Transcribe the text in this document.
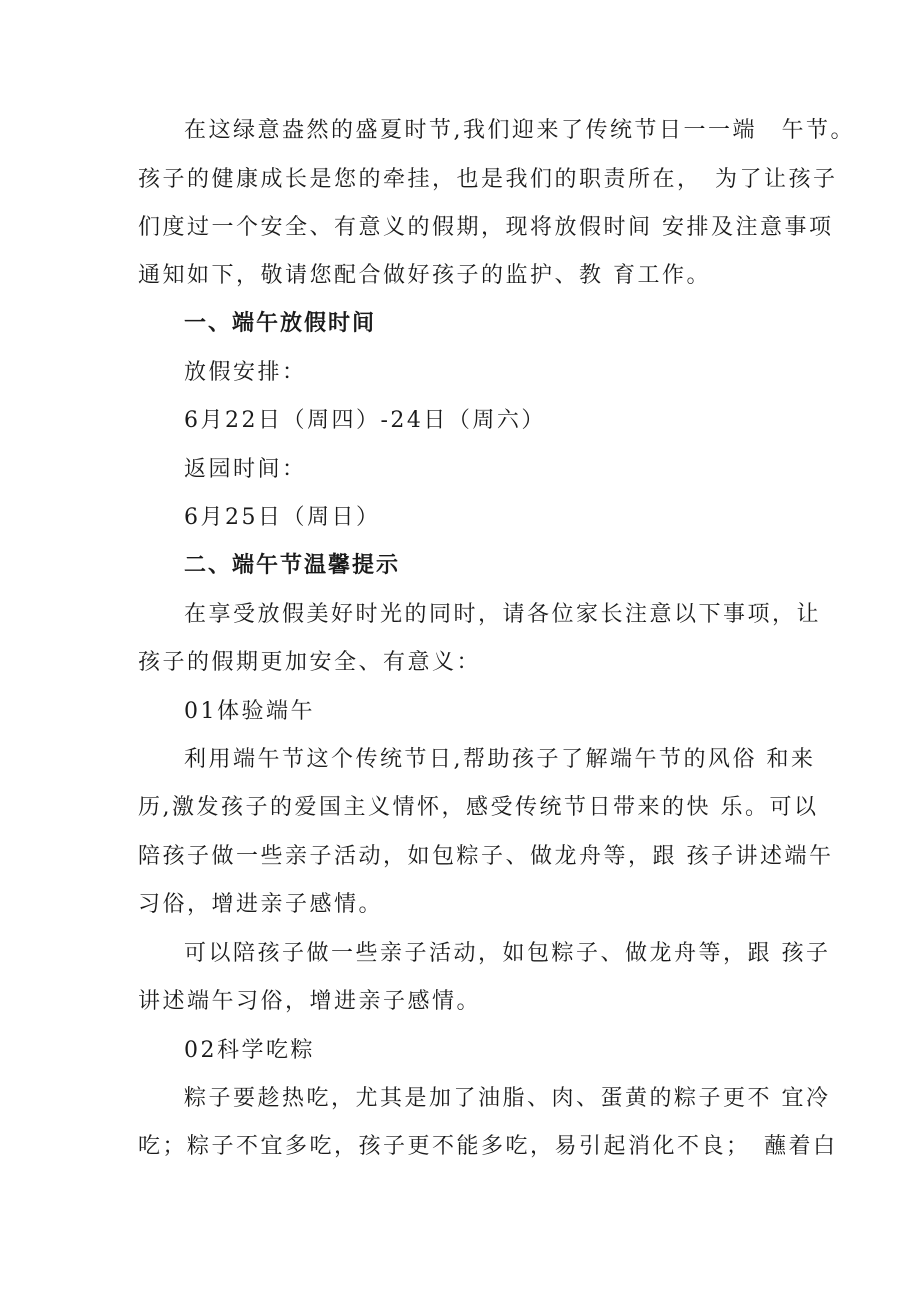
在这绿意盎然的盛夏时节,我们迎来了传统节日一一端　午节。
孩子的健康成长是您的牵挂，也是我们的职责所在，　为了让孩子
们度过一个安全、有意义的假期，现将放假时间 安排及注意事项
通知如下，敬请您配合做好孩子的监护、教 育工作。
一、端午放假时间
放假安排：
6月22日（周四）-24日（周六）
返园时间：
6月25日（周日）
二、端午节温馨提示
在享受放假美好时光的同时，请各位家长注意以下事项，让
孩子的假期更加安全、有意义：
01体验端午
利用端午节这个传统节日,帮助孩子了解端午节的风俗 和来
历,激发孩子的爱国主义情怀，感受传统节日带来的快 乐。可以
陪孩子做一些亲子活动，如包粽子、做龙舟等，跟 孩子讲述端午
习俗，增进亲子感情。
可以陪孩子做一些亲子活动，如包粽子、做龙舟等，跟 孩子
讲述端午习俗，增进亲子感情。
02科学吃粽
粽子要趁热吃，尤其是加了油脂、肉、蛋黄的粽子更不 宜冷
吃；粽子不宜多吃，孩子更不能多吃，易引起消化不良；　蘸着白
